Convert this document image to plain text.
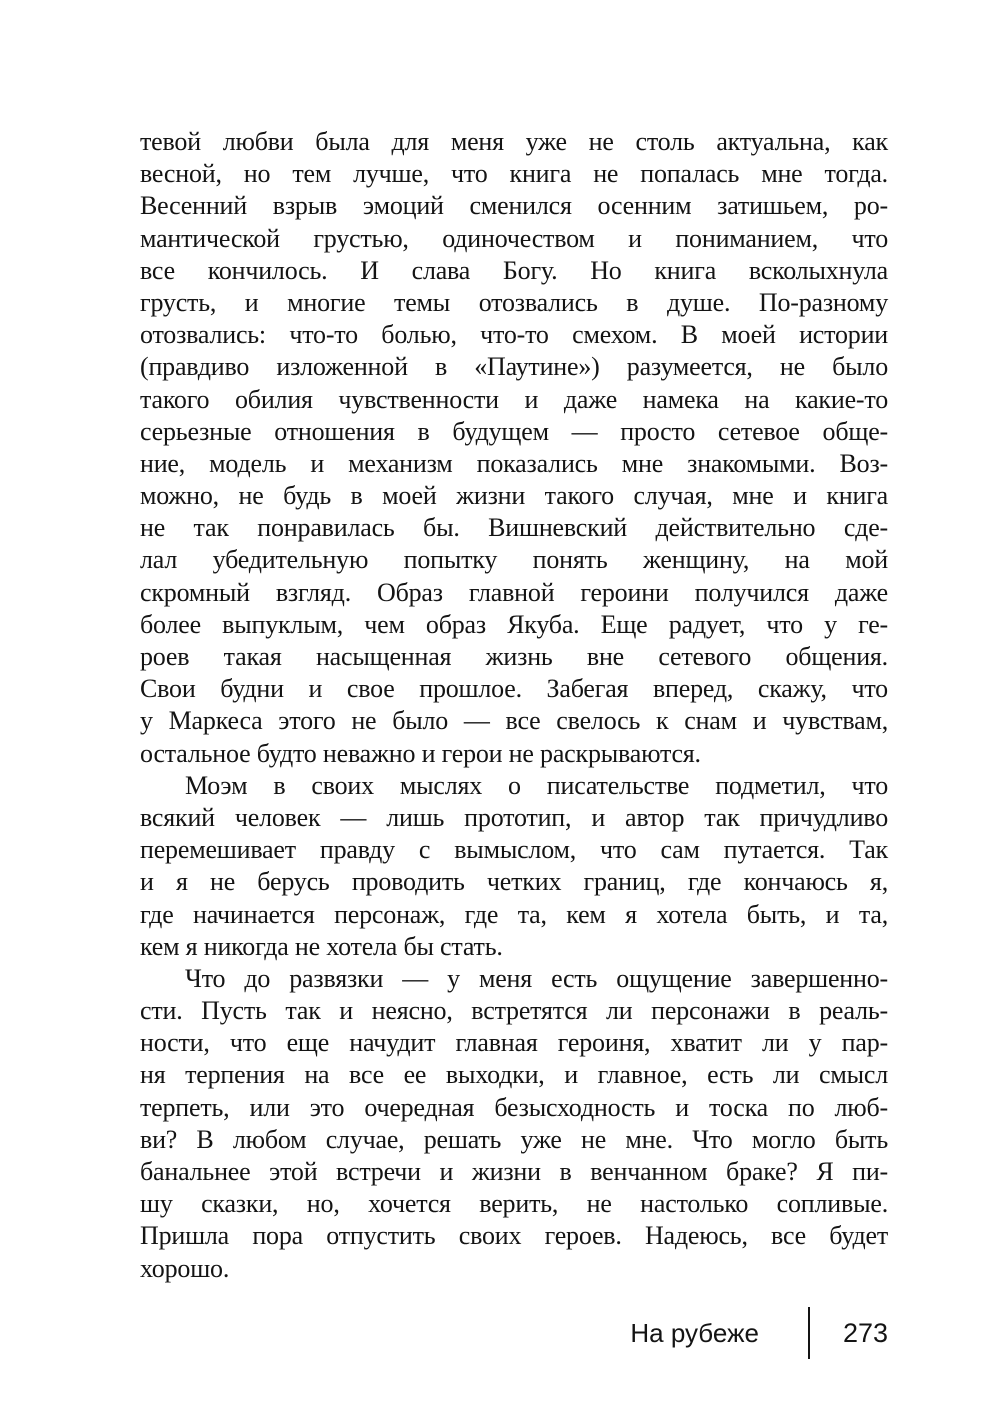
тевой любви была для меня уже не столь актуальна, как
весной, но тем лучше, что книга не попалась мне тогда.
Весенний взрыв эмоций сменился осенним затишьем, ро-
мантической грустью, одиночеством и пониманием, что
все кончилось. И слава Богу. Но книга всколыхнула
грусть, и многие темы отозвались в душе. По-разному
отозвались: что-то болью, что-то смехом. В моей истории
(правдиво изложенной в «Паутине») разумеется, не было
такого обилия чувственности и даже намека на какие-то
серьезные отношения в будущем — просто сетевое обще-
ние, модель и механизм показались мне знакомыми. Воз-
можно, не будь в моей жизни такого случая, мне и книга
не так понравилась бы. Вишневский действительно сде-
лал убедительную попытку понять женщину, на мой
скромный взгляд. Образ главной героини получился даже
более выпуклым, чем образ Якуба. Еще радует, что у ге-
роев такая насыщенная жизнь вне сетевого общения.
Свои будни и свое прошлое. Забегая вперед, скажу, что
у Маркеса этого не было — все свелось к снам и чувствам,
остальное будто неважно и герои не раскрываются.
Моэм в своих мыслях о писательстве подметил, что
всякий человек — лишь прототип, и автор так причудливо
перемешивает правду с вымыслом, что сам путается. Так
и я не берусь проводить четких границ, где кончаюсь я,
где начинается персонаж, где та, кем я хотела быть, и та,
кем я никогда не хотела бы стать.
Что до развязки — у меня есть ощущение завершенно-
сти. Пусть так и неясно, встретятся ли персонажи в реаль-
ности, что еще начудит главная героиня, хватит ли у пар-
ня терпения на все ее выходки, и главное, есть ли смысл
терпеть, или это очередная безысходность и тоска по люб-
ви? В любом случае, решать уже не мне. Что могло быть
банальнее этой встречи и жизни в венчанном браке? Я пи-
шу сказки, но, хочется верить, не настолько сопливые.
Пришла пора отпустить своих героев. Надеюсь, все будет
хорошо.
На рубеже	273
